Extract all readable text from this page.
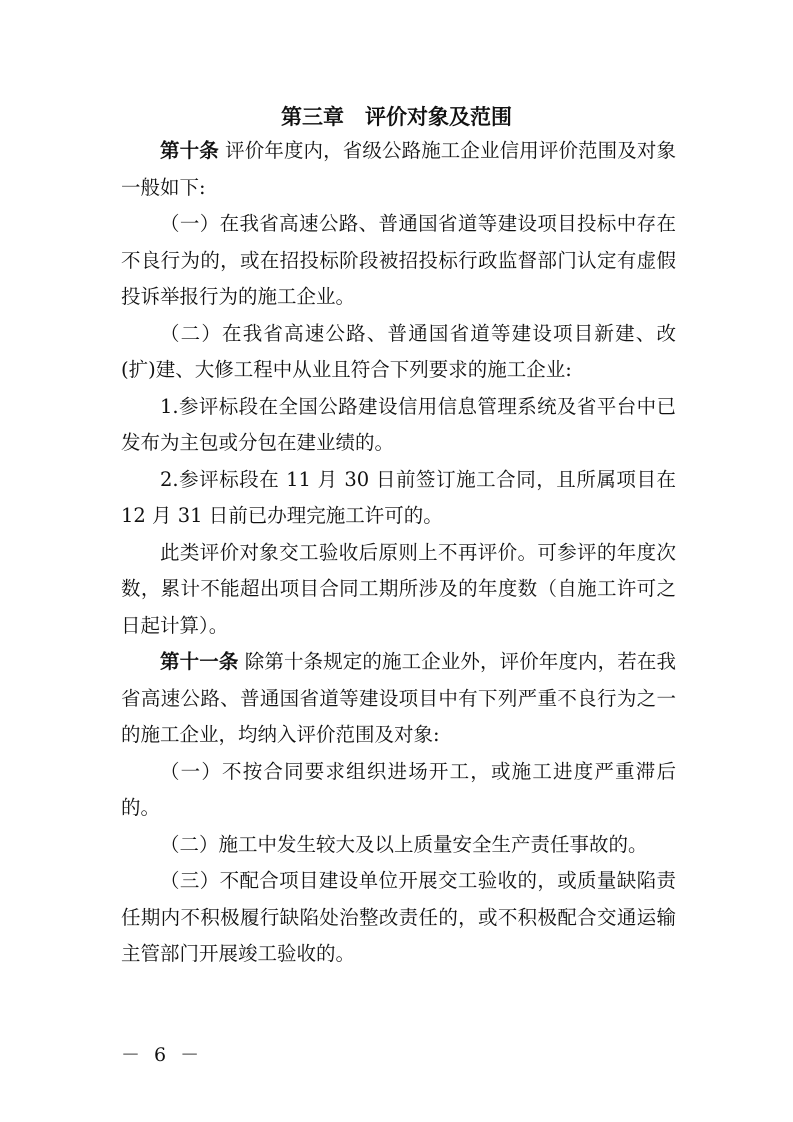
第三章　评价对象及范围

第十条 评价年度内，省级公路施工企业信用评价范围及对象一般如下:

（一）在我省高速公路、普通国省道等建设项目投标中存在不良行为的，或在招投标阶段被招投标行政监督部门认定有虚假投诉举报行为的施工企业。

（二）在我省高速公路、普通国省道等建设项目新建、改(扩)建、大修工程中从业且符合下列要求的施工企业:

1.参评标段在全国公路建设信用信息管理系统及省平台中已发布为主包或分包在建业绩的。

2.参评标段在 11 月 30 日前签订施工合同，且所属项目在 12 月 31 日前已办理完施工许可的。

此类评价对象交工验收后原则上不再评价。可参评的年度次数，累计不能超出项目合同工期所涉及的年度数（自施工许可之日起计算）。

第十一条 除第十条规定的施工企业外，评价年度内，若在我省高速公路、普通国省道等建设项目中有下列严重不良行为之一的施工企业，均纳入评价范围及对象:

（一）不按合同要求组织进场开工，或施工进度严重滞后的。

（二）施工中发生较大及以上质量安全生产责任事故的。

（三）不配合项目建设单位开展交工验收的，或质量缺陷责任期内不积极履行缺陷处治整改责任的，或不积极配合交通运输主管部门开展竣工验收的。

－ 6 －
